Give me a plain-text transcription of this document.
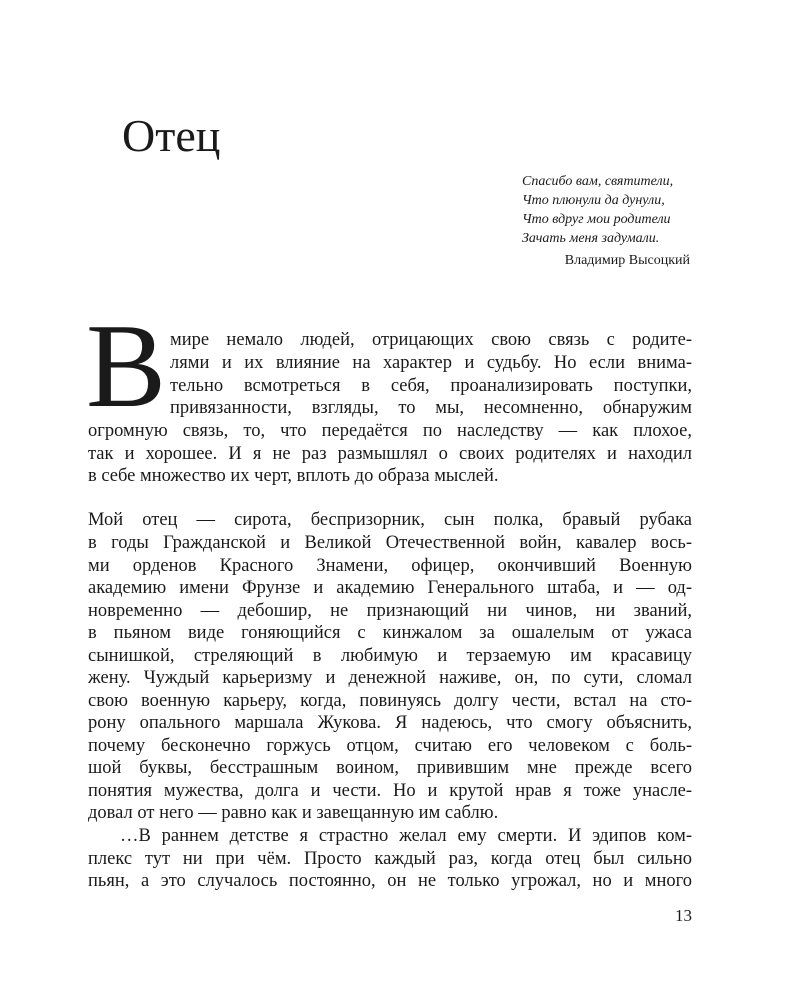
Отец
Спасибо вам, святители,
Что плюнули да дунули,
Что вдруг мои родители
Зачать меня задумали.
Владимир Высоцкий
В мире немало людей, отрицающих свою связь с родите-
лями и их влияние на характер и судьбу. Но если внима-
тельно всмотреться в себя, проанализировать поступки,
привязанности, взгляды, то мы, несомненно, обнаружим
огромную связь, то, что передаётся по наследству — как плохое,
так и хорошее. И я не раз размышлял о своих родителях и находил
в себе множество их черт, вплоть до образа мыслей.
Мой отец — сирота, беспризорник, сын полка, бравый рубака
в годы Гражданской и Великой Отечественной войн, кавалер вось-
ми орденов Красного Знамени, офицер, окончивший Военную
академию имени Фрунзе и академию Генерального штаба, и — од-
новременно — дебошир, не признающий ни чинов, ни званий,
в пьяном виде гоняющийся с кинжалом за ошалелым от ужаса
сынишкой, стреляющий в любимую и терзаемую им красавицу
жену. Чуждый карьеризму и денежной наживе, он, по сути, сломал
свою военную карьеру, когда, повинуясь долгу чести, встал на сто-
рону опального маршала Жукова. Я надеюсь, что смогу объяснить,
почему бесконечно горжусь отцом, считаю его человеком с боль-
шой буквы, бесстрашным воином, привившим мне прежде всего
понятия мужества, долга и чести. Но и крутой нрав я тоже унасле-
довал от него — равно как и завещанную им саблю.
…В раннем детстве я страстно желал ему смерти. И эдипов ком-
плекс тут ни при чём. Просто каждый раз, когда отец был сильно
пьян, а это случалось постоянно, он не только угрожал, но и много
13
